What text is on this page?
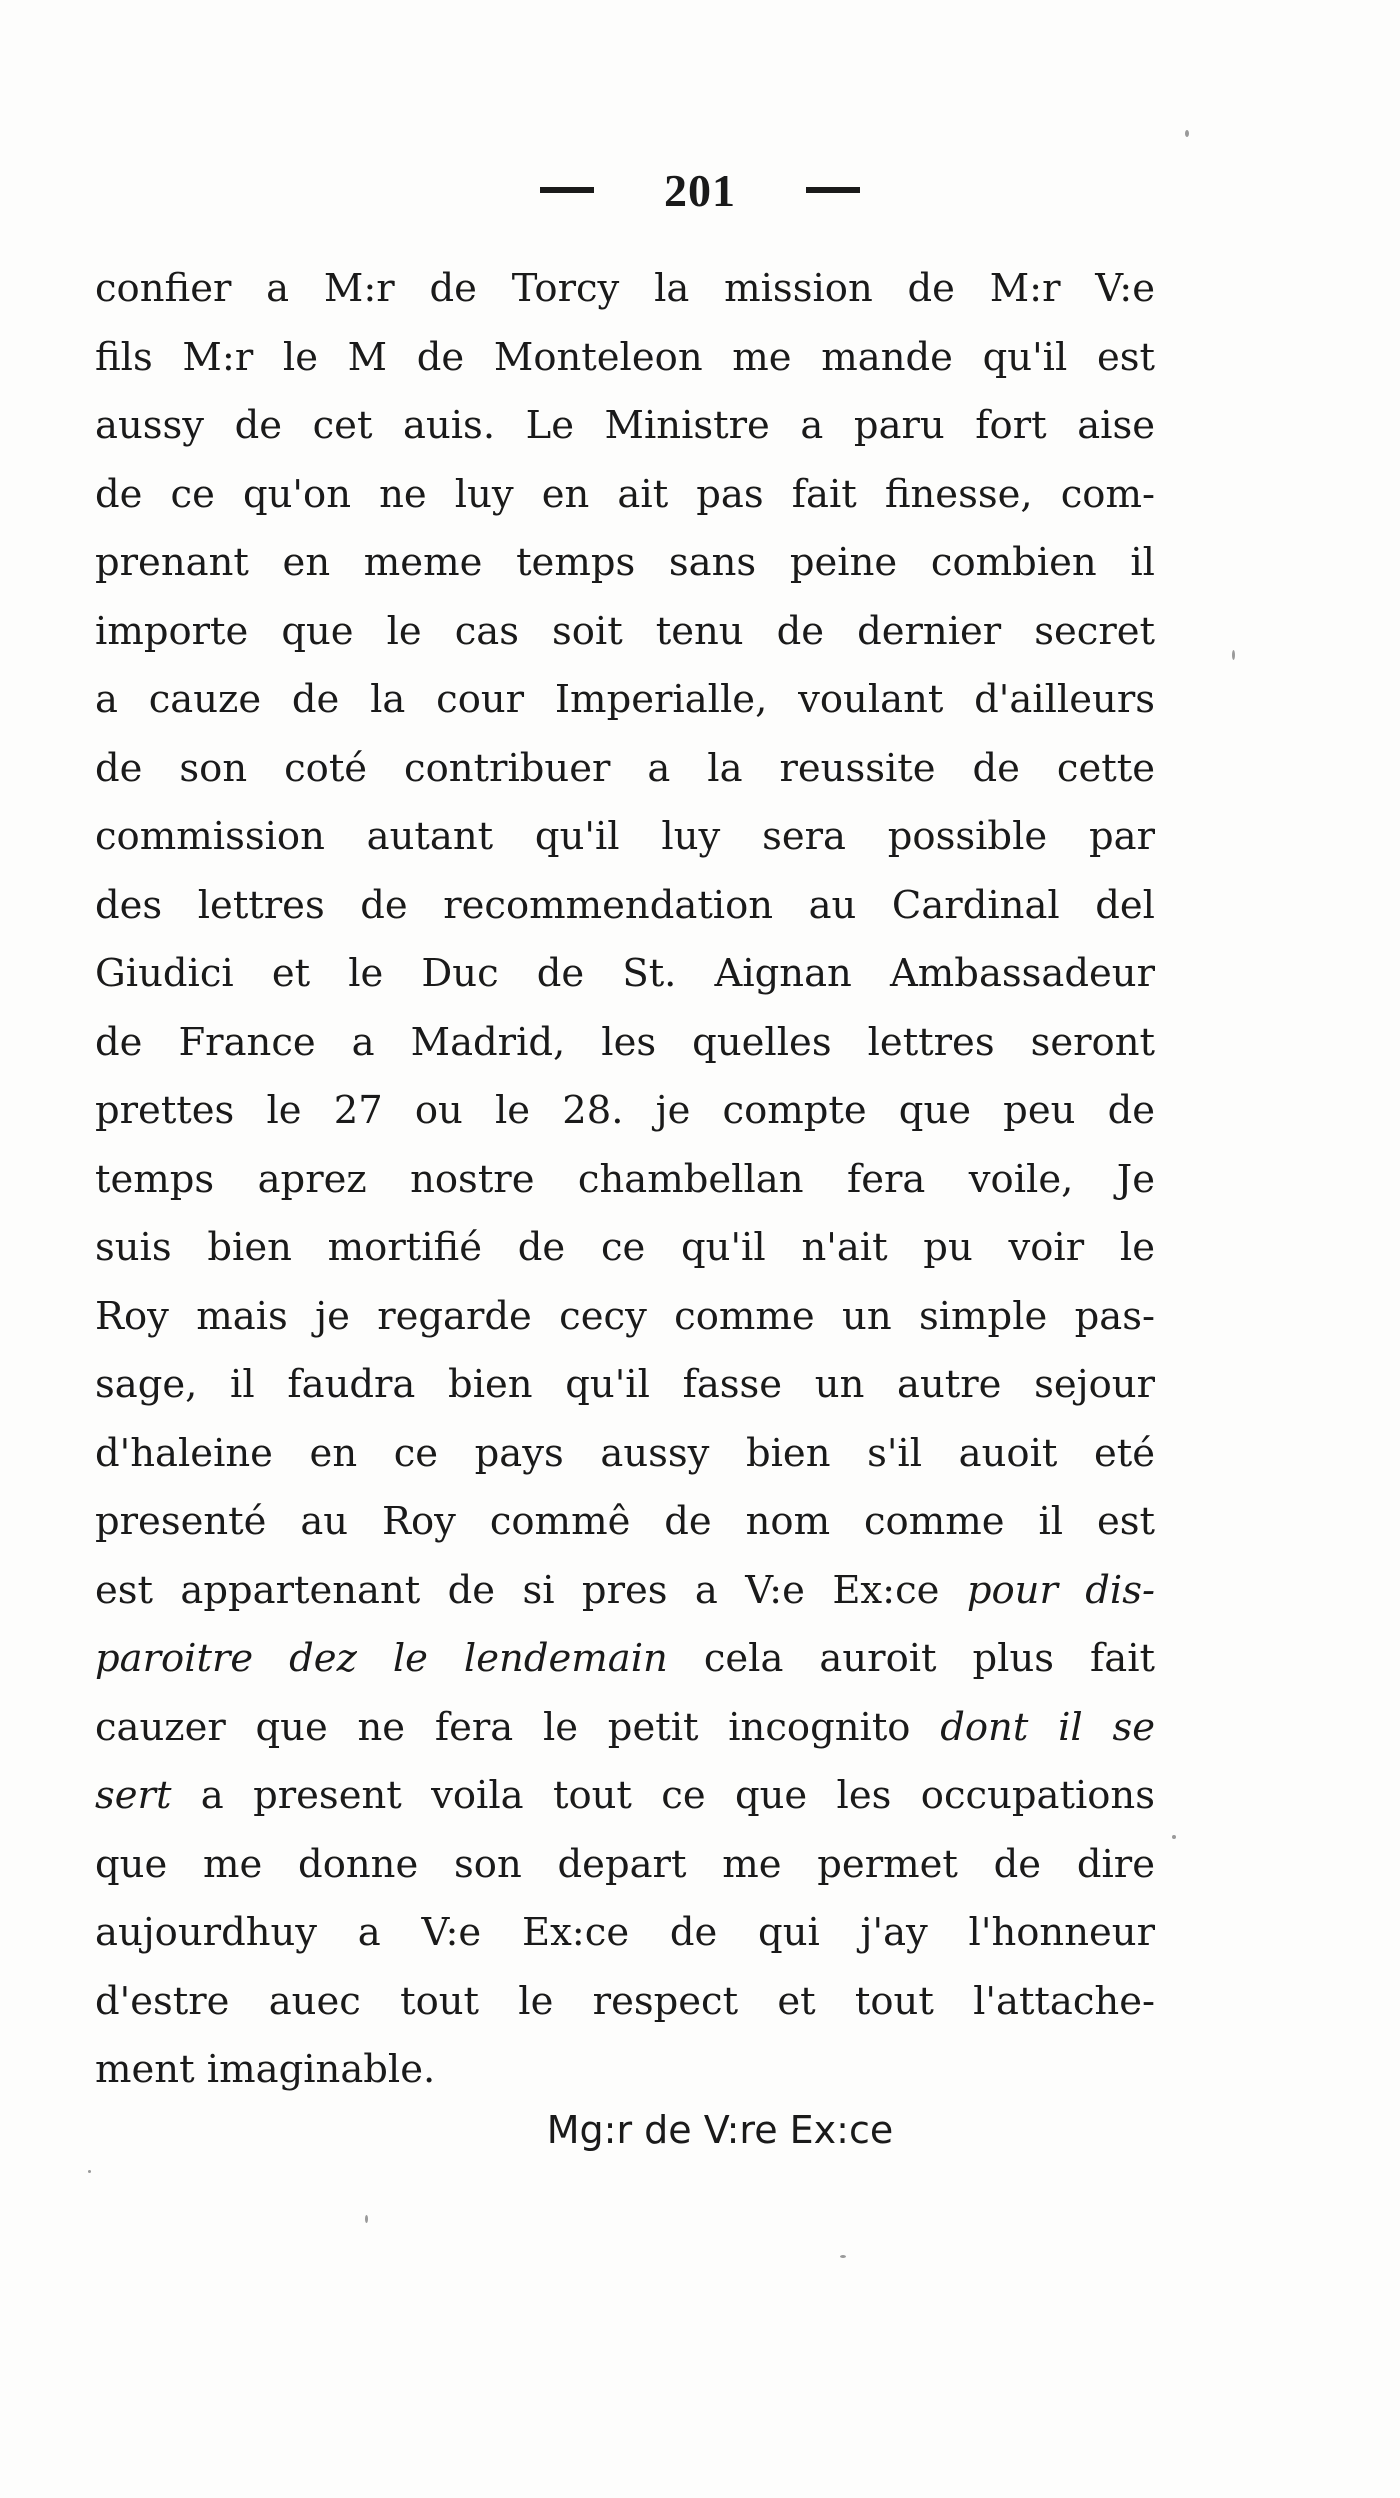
201
confier a M:r de Torcy la mission de M:r V:e
fils M:r le M de Monteleon me mande qu'il est
aussy de cet auis. Le Ministre a paru fort aise
de ce qu'on ne luy en ait pas fait finesse, com-
prenant en meme temps sans peine combien il
importe que le cas soit tenu de dernier secret
a cauze de la cour Imperialle, voulant d'ailleurs
de son coté contribuer a la reussite de cette
commission autant qu'il luy sera possible par
des lettres de recommendation au Cardinal del
Giudici et le Duc de St. Aignan Ambassadeur
de France a Madrid, les quelles lettres seront
prettes le 27 ou le 28. je compte que peu de
temps aprez nostre chambellan fera voile, Je
suis bien mortifié de ce qu'il n'ait pu voir le
Roy mais je regarde cecy comme un simple pas-
sage, il faudra bien qu'il fasse un autre sejour
d'haleine en ce pays aussy bien s'il auoit eté
presenté au Roy commê de nom comme il est
est appartenant de si pres a V:e Ex:ce pour dis-
paroitre dez le lendemain cela auroit plus fait
cauzer que ne fera le petit incognito dont il se
sert a present voila tout ce que les occupations
que me donne son depart me permet de dire
aujourdhuy a V:e Ex:ce de qui j'ay l'honneur
d'estre auec tout le respect et tout l'attache-
ment imaginable.
Mg:r de V:re Ex:ce
